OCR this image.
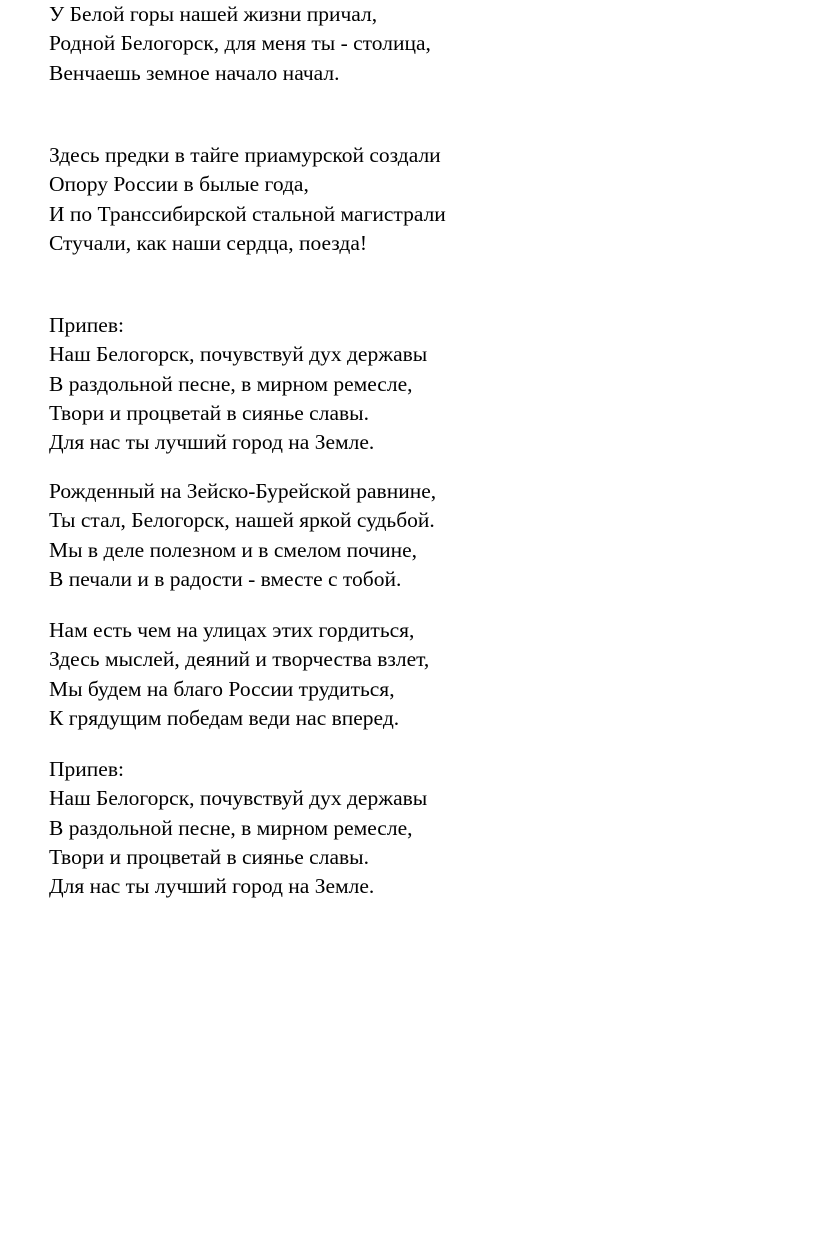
У Белой горы нашей жизни причал,
Родной Белогорск, для меня ты - столица,
Венчаешь земное начало начал.
Здесь предки в тайге приамурской создали
Опору России в былые года,
И по Транссибирской стальной магистрали
Стучали, как наши сердца, поезда!
Припев:
Наш Белогорск, почувствуй дух державы
В раздольной песне, в мирном ремесле,
Твори и процветай в сиянье славы.
Для нас ты лучший город на Земле.
Рожденный на Зейско-Бурейской равнине,
Ты стал, Белогорск, нашей яркой судьбой.
Мы в деле полезном и в смелом почине,
В печали и в радости - вместе с тобой.
Нам есть чем на улицах этих гордиться,
Здесь мыслей, деяний и творчества взлет,
Мы будем на благо России трудиться,
К грядущим победам веди нас вперед.
Припев:
Наш Белогорск, почувствуй дух державы
В раздольной песне, в мирном ремесле,
Твори и процветай в сиянье славы.
Для нас ты лучший город на Земле.
